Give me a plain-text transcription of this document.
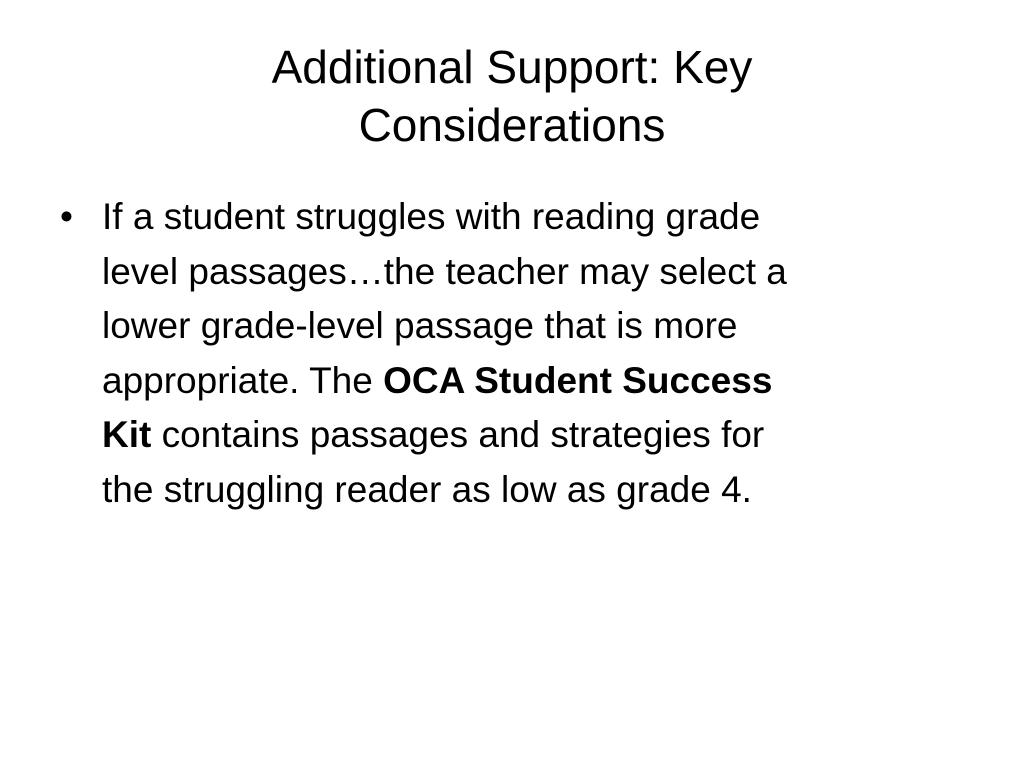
Additional Support: Key
Considerations
• If a student struggles with reading grade
level passages…the teacher may select a
lower grade-level passage that is more
appropriate. The OCA Student Success
Kit contains passages and strategies for
the struggling reader as low as grade 4.
